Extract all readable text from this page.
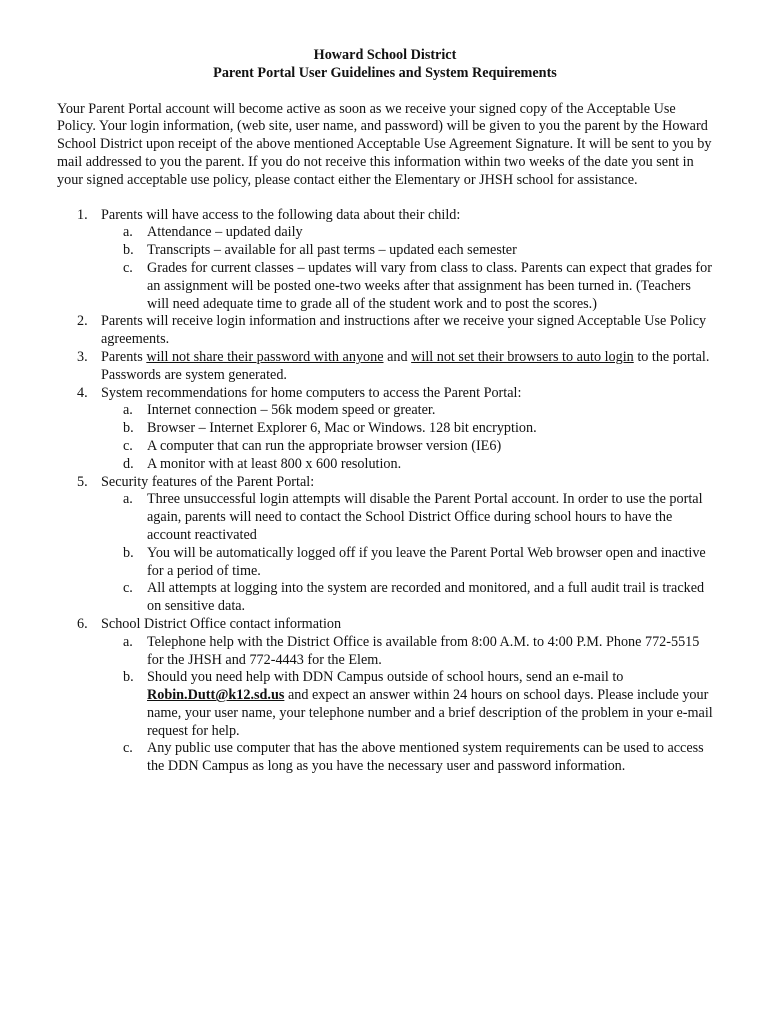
Howard School District

Parent Portal User Guidelines and System Requirements

Your Parent Portal account will become active as soon as we receive your signed copy of the Acceptable Use Policy. Your login information, (web site, user name, and password) will be given to you the parent by the Howard School District upon receipt of the above mentioned Acceptable Use Agreement Signature. It will be sent to you by mail addressed to you the parent. If you do not receive this information within two weeks of the date you sent in your signed acceptable use policy, please contact either the Elementary or JHSH school for assistance.

1. Parents will have access to the following data about their child:
a. Attendance – updated daily
b. Transcripts – available for all past terms – updated each semester
c. Grades for current classes – updates will vary from class to class. Parents can expect that grades for an assignment will be posted one-two weeks after that assignment has been turned in. (Teachers will need adequate time to grade all of the student work and to post the scores.)
2. Parents will receive login information and instructions after we receive your signed Acceptable Use Policy agreements.
3. Parents will not share their password with anyone and will not set their browsers to auto login to the portal. Passwords are system generated.
4. System recommendations for home computers to access the Parent Portal:
a. Internet connection – 56k modem speed or greater.
b. Browser – Internet Explorer 6, Mac or Windows. 128 bit encryption.
c. A computer that can run the appropriate browser version (IE6)
d. A monitor with at least 800 x 600 resolution.
5. Security features of the Parent Portal:
a. Three unsuccessful login attempts will disable the Parent Portal account. In order to use the portal again, parents will need to contact the School District Office during school hours to have the account reactivated
b. You will be automatically logged off if you leave the Parent Portal Web browser open and inactive for a period of time.
c. All attempts at logging into the system are recorded and monitored, and a full audit trail is tracked on sensitive data.
6. School District Office contact information
a. Telephone help with the District Office is available from 8:00 A.M. to 4:00 P.M. Phone 772-5515 for the JHSH and 772-4443 for the Elem.
b. Should you need help with DDN Campus outside of school hours, send an e-mail to Robin.Dutt@k12.sd.us and expect an answer within 24 hours on school days. Please include your name, your user name, your telephone number and a brief description of the problem in your e-mail request for help.
c. Any public use computer that has the above mentioned system requirements can be used to access the DDN Campus as long as you have the necessary user and password information.
